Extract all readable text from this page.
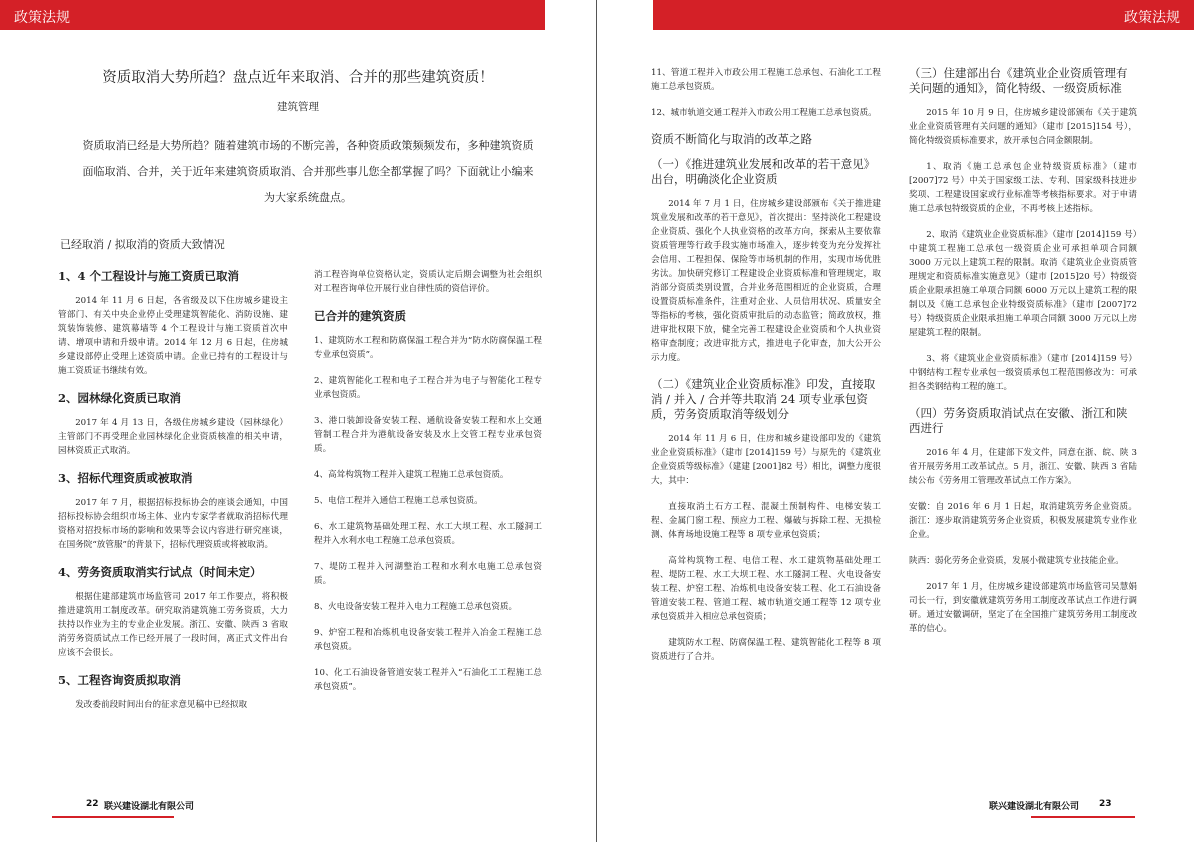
政策法规
资质取消大势所趋？盘点近年来取消、合并的那些建筑资质！
建筑管理
资质取消已经是大势所趋？随着建筑市场的不断完善，各种资质政策频频发布，多种建筑资质面临取消、合并，关于近年来建筑资质取消、合并那些事儿您全都掌握了吗？下面就让小编来为大家系统盘点。
已经取消 / 拟取消的资质大致情况
1、4 个工程设计与施工资质已取消
2014 年 11 月 6 日起，各省级及以下住房城乡建设主管部门、有关中央企业停止受理建筑智能化、消防设施、建筑装饰装修、建筑幕墙等 4 个工程设计与施工资质首次申请、增项申请和升级申请。2014 年 12 月 6 日起，住房城乡建设部停止受理上述资质申请。企业已持有的工程设计与施工资质证书继续有效。
2、园林绿化资质已取消
2017 年 4 月 13 日，各级住房城乡建设（园林绿化）主管部门不再受理企业园林绿化企业资质核准的相关申请，园林资质正式取消。
3、招标代理资质或被取消
2017 年 7 月，根据招标投标协会的座谈会通知，中国招标投标协会组织市场主体、业内专家学者就取消招标代理资格对招投标市场的影响和效果等会议内容进行研究座谈，在国务院“放管服”的背景下，招标代理资质或将被取消。
4、劳务资质取消实行试点（时间未定）
根据住建部建筑市场监管司 2017 年工作要点，将积极推进建筑用工制度改革。研究取消建筑施工劳务资质，大力扶持以作业为主的专业企业发展。浙江、安徽、陕西 3 省取消劳务资质试点工作已经开展了一段时间，离正式文件出台应该不会很长。
5、工程咨询资质拟取消
发改委前段时间出台的征求意见稿中已经拟取
消工程咨询单位资格认定，资质认定后期会调整为社会组织对工程咨询单位开展行业自律性质的资信评价。
已合并的建筑资质
1、建筑防水工程和防腐保温工程合并为“防水防腐保温工程专业承包资质”。
2、建筑智能化工程和电子工程合并为电子与智能化工程专业承包资质。
3、港口装卸设备安装工程、通航设备安装工程和水上交通管制工程合并为港航设备安装及水上交管工程专业承包资质。
4、高耸构筑物工程并入建筑工程施工总承包资质。
5、电信工程并入通信工程施工总承包资质。
6、水工建筑物基础处理工程、水工大坝工程、水工隧洞工程并入水利水电工程施工总承包资质。
7、堤防工程并入河湖整治工程和水利水电施工总承包资质。
8、火电设备安装工程并入电力工程施工总承包资质。
9、炉窑工程和冶炼机电设备安装工程并入冶金工程施工总承包资质。
10、化工石油设备管道安装工程并入“石油化工工程施工总承包资质”。
22 联兴建设湖北有限公司
政策法规
11、管道工程并入市政公用工程施工总承包、石油化工工程施工总承包资质。
12、城市轨道交通工程并入市政公用工程施工总承包资质。
资质不断简化与取消的改革之路
（一）《推进建筑业发展和改革的若干意见》出台，明确淡化企业资质
2014 年 7 月 1 日，住房城乡建设部颁布《关于推进建筑业发展和改革的若干意见》，首次提出：坚持淡化工程建设企业资质、强化个人执业资格的改革方向，探索从主要依靠资质管理等行政手段实施市场准入，逐步转变为充分发挥社会信用、工程担保、保险等市场机制的作用，实现市场优胜劣汰。加快研究修订工程建设企业资质标准和管理规定，取消部分资质类别设置，合并业务范围相近的企业资质，合理设置资质标准条件，注重对企业、人员信用状况、质量安全等指标的考核，强化资质审批后的动态监管；简政放权，推进审批权限下放，健全完善工程建设企业资质和个人执业资格审查制度；改进审批方式，推进电子化审查，加大公开公示力度。
（二）《建筑业企业资质标准》印发，直接取消 / 并入 / 合并等共取消 24 项专业承包资质，劳务资质取消等级划分
2014 年 11 月 6 日，住房和城乡建设部印发的《建筑业企业资质标准》（建市 [2014]159 号）与原先的《建筑业企业资质等级标准》（建建 [2001]82 号）相比，调整力度很大，其中：
直接取消土石方工程、混凝土预制构件、电梯安装工程、金属门窗工程、预应力工程、爆破与拆除工程、无损检测、体育场地设施工程等 8 项专业承包资质；
高耸构筑物工程、电信工程、水工建筑物基础处理工程、堤防工程、水工大坝工程、水工隧洞工程、火电设备安装工程、炉窑工程、冶炼机电设备安装工程、化工石油设备管道安装工程、管道工程、城市轨道交通工程等 12 项专业承包资质并入相应总承包资质；
建筑防水工程、防腐保温工程、建筑智能化工程等 8 项资质进行了合并。
（三）住建部出台《建筑业企业资质管理有关问题的通知》，简化特级、一级资质标准
2015 年 10 月 9 日，住房城乡建设部颁布《关于建筑业企业资质管理有关问题的通知》（建市 [2015]154 号），简化特级资质标准要求，放开承包合同金额限制。
1、取消《施工总承包企业特级资质标准》（建市 [2007]72 号）中关于国家级工法、专利、国家级科技进步奖项、工程建设国家或行业标准等考核指标要求。对于申请施工总承包特级资质的企业，不再考核上述指标。
2、取消《建筑业企业资质标准》（建市 [2014]159 号）中建筑工程施工总承包一级资质企业可承担单项合同额 3000 万元以上建筑工程的限制。取消《建筑业企业资质管理规定和资质标准实施意见》（建市 [2015]20 号）特级资质企业限承担施工单项合同额 6000 万元以上建筑工程的限制以及《施工总承包企业特级资质标准》（建市 [2007]72 号）特级资质企业限承担施工单项合同额 3000 万元以上房屋建筑工程的限制。
3、将《建筑业企业资质标准》（建市 [2014]159 号）中钢结构工程专业承包一级资质承包工程范围修改为：可承担各类钢结构工程的施工。
（四）劳务资质取消试点在安徽、浙江和陕西进行
2016 年 4 月，住建部下发文件，同意在浙、皖、陕 3 省开展劳务用工改革试点。5 月，浙江、安徽、陕西 3 省陆续公布《劳务用工管理改革试点工作方案》。
安徽：自 2016 年 6 月 1 日起，取消建筑劳务企业资质。浙江：逐步取消建筑劳务企业资质，积极发展建筑专业作业企业。
陕西：弱化劳务企业资质，发展小微建筑专业技能企业。
2017 年 1 月，住房城乡建设部建筑市场监管司吴慧娟司长一行，到安徽就建筑劳务用工制度改革试点工作进行调研。通过安徽调研，坚定了在全国推广建筑劳务用工制度改革的信心。
联兴建设湖北有限公司 23
